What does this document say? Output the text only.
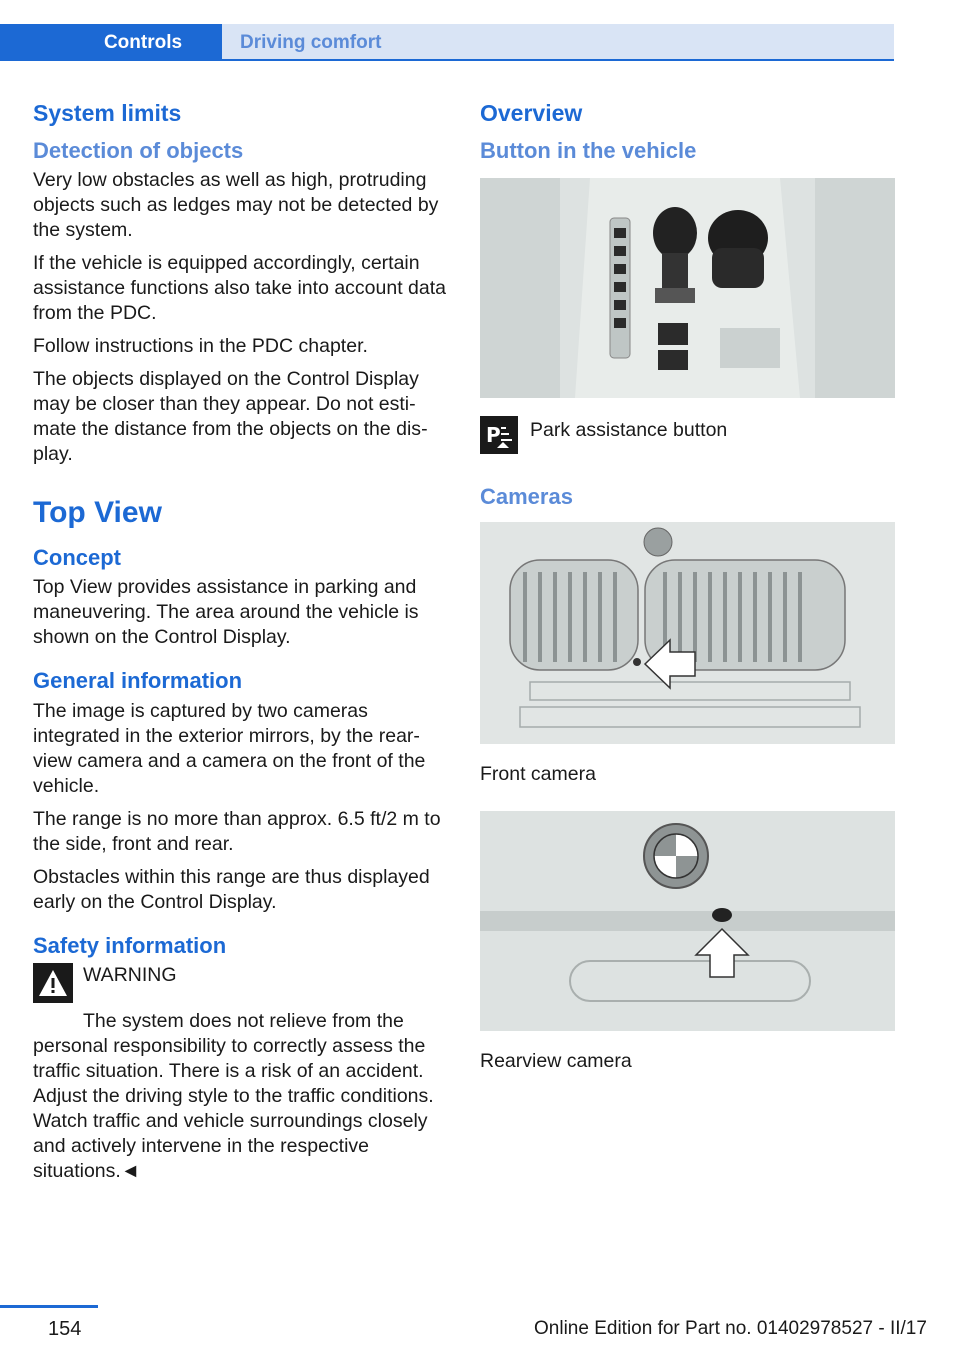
Controls	Driving comfort
System limits
Detection of objects

Very low obstacles as well as high, protruding objects such as ledges may not be detected by the system.

If the vehicle is equipped accordingly, certain assistance functions also take into account data from the PDC.

Follow instructions in the PDC chapter.

The objects displayed on the Control Display may be closer than they appear. Do not estimate the distance from the objects on the display.

Top View
Concept

Top View provides assistance in parking and maneuvering. The area around the vehicle is shown on the Control Display.

General information

The image is captured by two cameras integrated in the exterior mirrors, by the rearview camera and a camera on the front of the vehicle.

The range is no more than approx. 6.5 ft/2 m to the side, front and rear.

Obstacles within this range are thus displayed early on the Control Display.

Safety information
WARNING

The system does not relieve from the personal responsibility to correctly assess the traffic situation. There is a risk of an accident. Adjust the driving style to the traffic conditions. Watch traffic and vehicle surroundings closely and actively intervene in the respective situations.◄

Overview
Button in the vehicle
P Park assistance button
Cameras
Front camera
Rearview camera
154	Online Edition for Part no. 01402978527 - II/17
